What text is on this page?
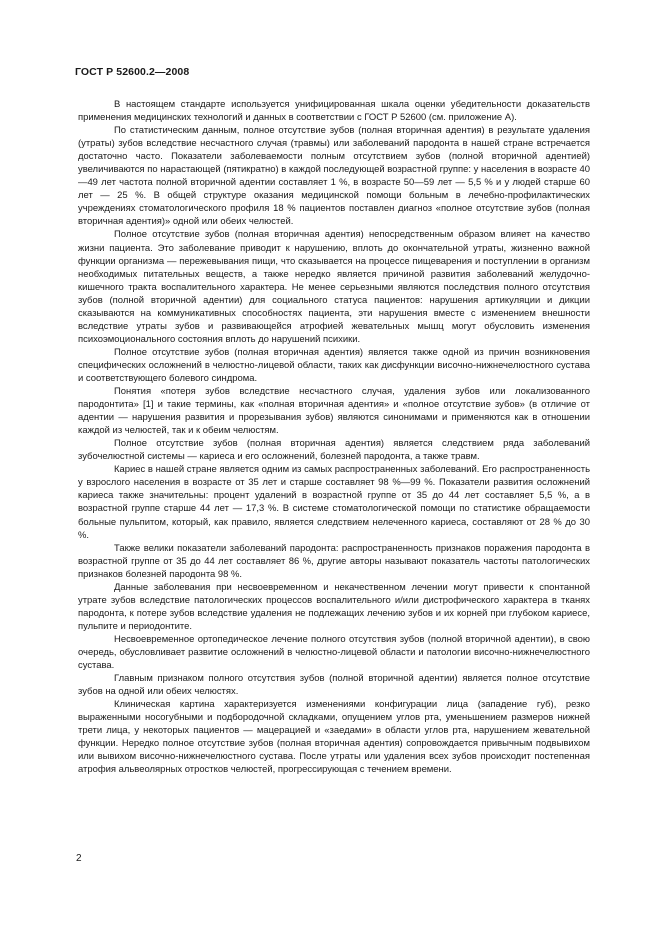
ГОСТ Р 52600.2—2008

В настоящем стандарте используется унифицированная шкала оценки убедительности доказательств применения медицинских технологий и данных в соответствии с ГОСТ Р 52600 (см. приложение А).

По статистическим данным, полное отсутствие зубов (полная вторичная адентия) в результате удаления (утраты) зубов вследствие несчастного случая (травмы) или заболеваний пародонта в нашей стране встречается достаточно часто. Показатели заболеваемости полным отсутствием зубов (полной вторичной адентией) увеличиваются по нарастающей (пятикратно) в каждой последующей возрастной группе: у населения в возрасте 40—49 лет частота полной вторичной адентии составляет 1 %, в возрасте 50—59 лет — 5,5 % и у людей старше 60 лет — 25 %. В общей структуре оказания медицинской помощи больным в лечебно-профилактических учреждениях стоматологического профиля 18 % пациентов поставлен диагноз «полное отсутствие зубов (полная вторичная адентия)» одной или обеих челюстей.

Полное отсутствие зубов (полная вторичная адентия) непосредственным образом влияет на качество жизни пациента. Это заболевание приводит к нарушению, вплоть до окончательной утраты, жизненно важной функции организма — пережевывания пищи, что сказывается на процессе пищеварения и поступлении в организм необходимых питательных веществ, а также нередко является причиной развития заболеваний желудочно-кишечного тракта воспалительного характера. Не менее серьезными являются последствия полного отсутствия зубов (полной вторичной адентии) для социального статуса пациентов: нарушения артикуляции и дикции сказываются на коммуникативных способностях пациента, эти нарушения вместе с изменением внешности вследствие утраты зубов и развивающейся атрофией жевательных мышц могут обусловить изменения психоэмоционального состояния вплоть до нарушений психики.

Полное отсутствие зубов (полная вторичная адентия) является также одной из причин возникновения специфических осложнений в челюстно-лицевой области, таких как дисфункции височно-нижнечелюстного сустава и соответствующего болевого синдрома.

Понятия «потеря зубов вследствие несчастного случая, удаления зубов или локализованного пародонтита» [1] и такие термины, как «полная вторичная адентия» и «полное отсутствие зубов» (в отличие от адентии — нарушения развития и прорезывания зубов) являются синонимами и применяются как в отношении каждой из челюстей, так и к обеим челюстям.

Полное отсутствие зубов (полная вторичная адентия) является следствием ряда заболеваний зубочелюстной системы — кариеса и его осложнений, болезней пародонта, а также травм.

Кариес в нашей стране является одним из самых распространенных заболеваний. Его распространенность у взрослого населения в возрасте от 35 лет и старше составляет 98 %—99 %. Показатели развития осложнений кариеса также значительны: процент удалений в возрастной группе от 35 до 44 лет составляет 5,5 %, а в возрастной группе старше 44 лет — 17,3 %. В системе стоматологической помощи по статистике обращаемости больные пульпитом, который, как правило, является следствием нелеченного кариеса, составляют от 28 % до 30 %.

Также велики показатели заболеваний пародонта: распространенность признаков поражения пародонта в возрастной группе от 35 до 44 лет составляет 86 %, другие авторы называют показатель частоты патологических признаков болезней пародонта 98 %.

Данные заболевания при несвоевременном и некачественном лечении могут привести к спонтанной утрате зубов вследствие патологических процессов воспалительного и/или дистрофического характера в тканях пародонта, к потере зубов вследствие удаления не подлежащих лечению зубов и их корней при глубоком кариесе, пульпите и периодонтите.

Несвоевременное ортопедическое лечение полного отсутствия зубов (полной вторичной адентии), в свою очередь, обусловливает развитие осложнений в челюстно-лицевой области и патологии височно-нижнечелюстного сустава.

Главным признаком полного отсутствия зубов (полной вторичной адентии) является полное отсутствие зубов на одной или обеих челюстях.

Клиническая картина характеризуется изменениями конфигурации лица (западение губ), резко выраженными носогубными и подбородочной складками, опущением углов рта, уменьшением размеров нижней трети лица, у некоторых пациентов — мацерацией и «заедами» в области углов рта, нарушением жевательной функции. Нередко полное отсутствие зубов (полная вторичная адентия) сопровождается привычным подвывихом или вывихом височно-нижнечелюстного сустава. После утраты или удаления всех зубов происходит постепенная атрофия альвеолярных отростков челюстей, прогрессирующая с течением времени.

2
